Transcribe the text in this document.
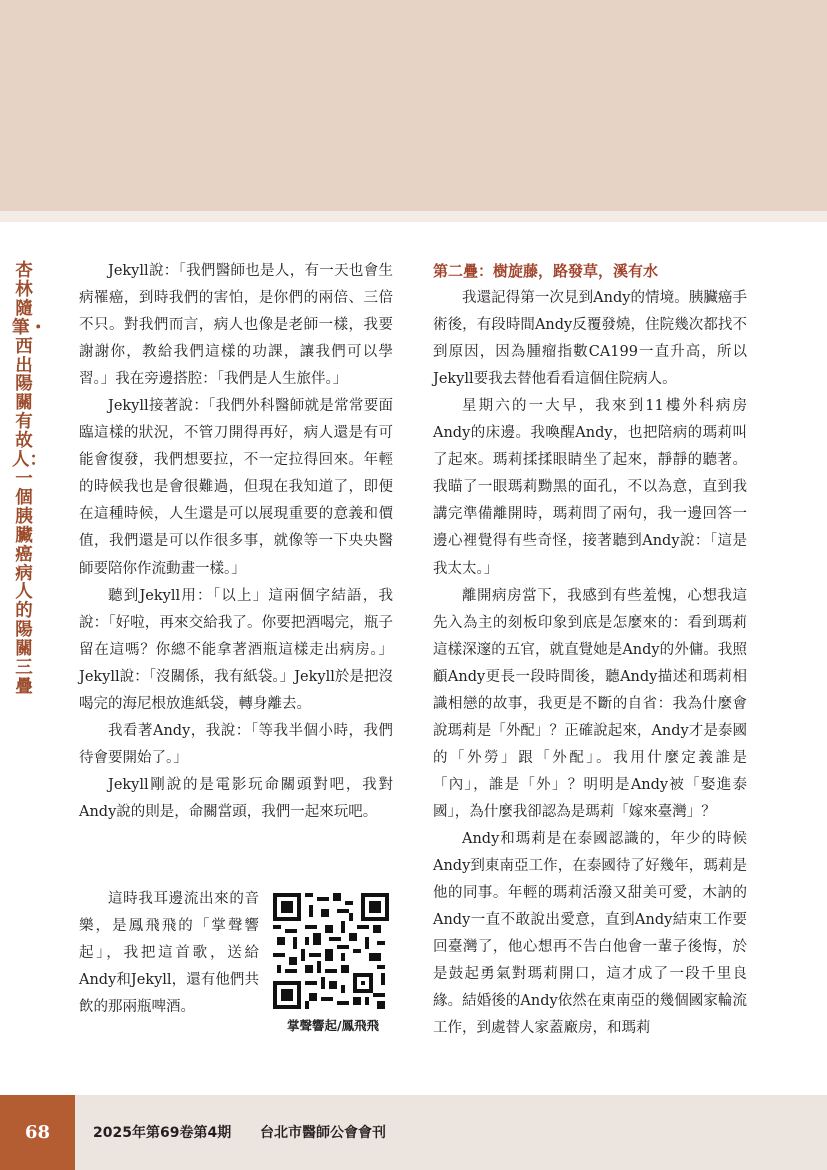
杏林隨筆・西出陽關有故人：一個胰臟癌病人的陽關三疊

Jekyll說：「我們醫師也是人，有一天也會生病罹癌，到時我們的害怕，是你們的兩倍、三倍不只。對我們而言，病人也像是老師一樣，我要謝謝你，教給我們這樣的功課，讓我們可以學習。」我在旁邊搭腔：「我們是人生旅伴。」

Jekyll接著說：「我們外科醫師就是常常要面臨這樣的狀況，不管刀開得再好，病人還是有可能會復發，我們想要拉，不一定拉得回來。年輕的時候我也是會很難過，但現在我知道了，即便在這種時候，人生還是可以展現重要的意義和價值，我們還是可以作很多事，就像等一下央央醫師要陪你作流動畫一樣。」

聽到Jekyll用：「以上」這兩個字結語，我說：「好啦，再來交給我了。你要把酒喝完，瓶子留在這嗎？你總不能拿著酒瓶這樣走出病房。」Jekyll說：「沒關係，我有紙袋。」Jekyll於是把沒喝完的海尼根放進紙袋，轉身離去。

我看著Andy，我說：「等我半個小時，我們待會要開始了。」

Jekyll剛說的是電影玩命關頭對吧，我對Andy說的則是，命關當頭，我們一起來玩吧。

這時我耳邊流出來的音樂，是鳳飛飛的「掌聲響起」，我把這首歌，送給Andy和Jekyll，還有他們共飲的那兩瓶啤酒。

掌聲響起/鳳飛飛
第二疊：樹旋藤，路發草，溪有水

我還記得第一次見到Andy的情境。胰臟癌手術後，有段時間Andy反覆發燒，住院幾次都找不到原因，因為腫瘤指數CA199一直升高，所以Jekyll要我去替他看看這個住院病人。

星期六的一大早，我來到11樓外科病房Andy的床邊。我喚醒Andy，也把陪病的瑪莉叫了起來。瑪莉揉揉眼睛坐了起來，靜靜的聽著。我瞄了一眼瑪莉黝黑的面孔，不以為意，直到我講完準備離開時，瑪莉問了兩句，我一邊回答一邊心裡覺得有些奇怪，接著聽到Andy說：「這是我太太。」

離開病房當下，我感到有些羞愧，心想我這先入為主的刻板印象到底是怎麼來的：看到瑪莉這樣深邃的五官，就直覺她是Andy的外傭。我照顧Andy更長一段時間後，聽Andy描述和瑪莉相識相戀的故事，我更是不斷的自省：我為什麼會說瑪莉是「外配」？正確說起來，Andy才是泰國的「外勞」跟「外配」。我用什麼定義誰是「內」，誰是「外」？明明是Andy被「娶進泰國」，為什麼我卻認為是瑪莉「嫁來臺灣」？

Andy和瑪莉是在泰國認識的，年少的時候Andy到東南亞工作，在泰國待了好幾年，瑪莉是他的同事。年輕的瑪莉活潑又甜美可愛，木訥的Andy一直不敢說出愛意，直到Andy結束工作要回臺灣了，他心想再不告白他會一輩子後悔，於是鼓起勇氣對瑪莉開口，這才成了一段千里良緣。結婚後的Andy依然在東南亞的幾個國家輪流工作，到處替人家蓋廠房，和瑪莉

68	2025年第69卷第4期 台北市醫師公會會刊
